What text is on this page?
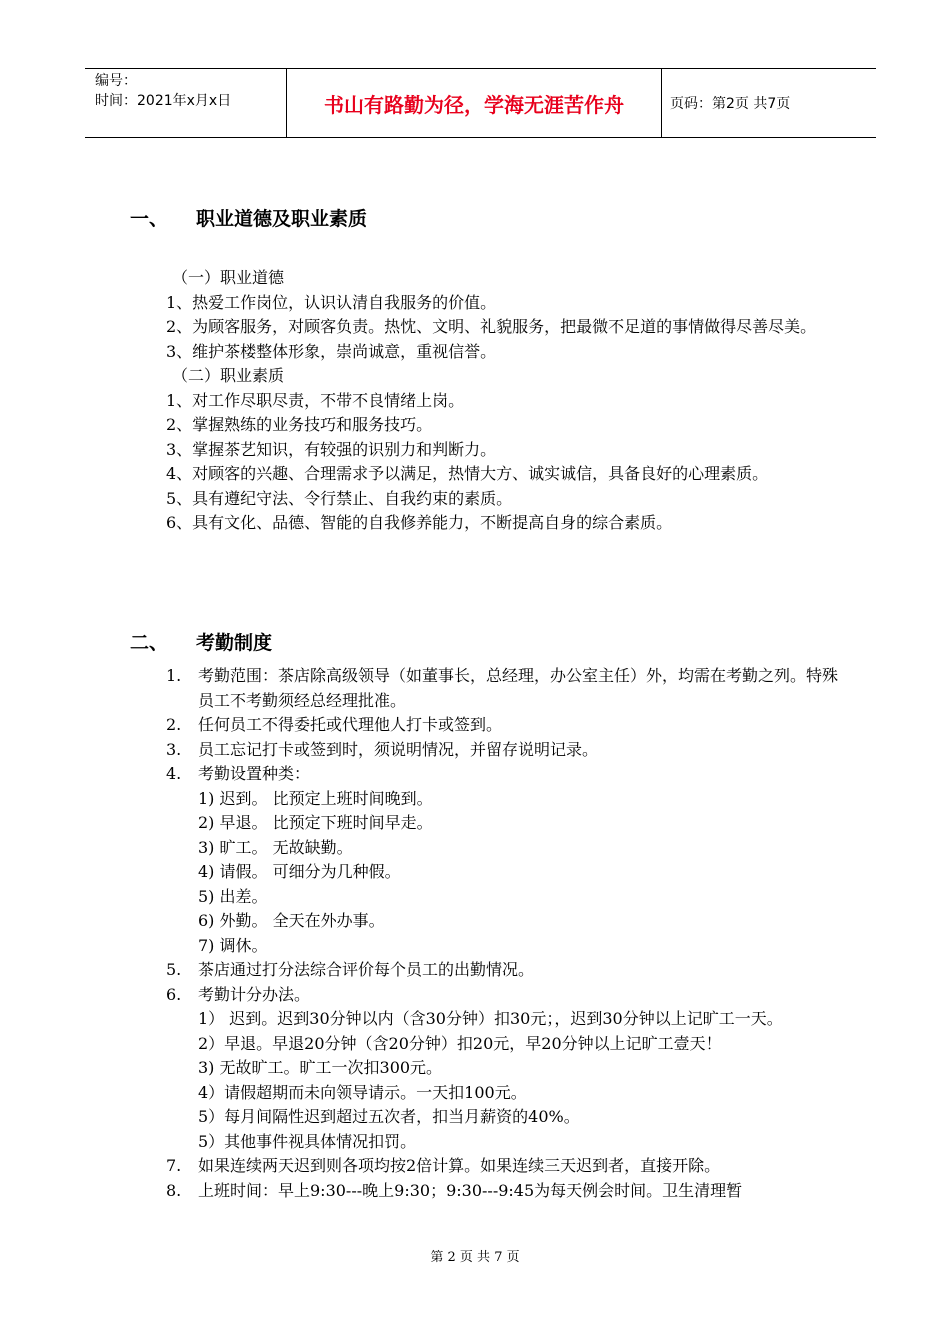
编号：
时间：2021年x月x日	书山有路勤为径，学海无涯苦作舟	页码：第2页 共7页
一、 职业道德及职业素质

（一）职业道德

1、热爱工作岗位，认识认清自我服务的价值。

2、为顾客服务，对顾客负责。热忱、文明、礼貌服务，把最微不足道的事情做得尽善尽美。

3、维护茶楼整体形象，崇尚诚意，重视信誉。

（二）职业素质

1、对工作尽职尽责，不带不良情绪上岗。

2、掌握熟练的业务技巧和服务技巧。

3、掌握茶艺知识，有较强的识别力和判断力。

4、对顾客的兴趣、合理需求予以满足，热情大方、诚实诚信，具备良好的心理素质。

5、具有遵纪守法、令行禁止、自我约束的素质。

6、具有文化、品德、智能的自我修养能力，不断提高自身的综合素质。

二、 考勤制度
1. 考勤范围：茶店除高级领导（如董事长，总经理，办公室主任）外，均需在考勤之列。特殊员工不考勤须经总经理批准。
2. 任何员工不得委托或代理他人打卡或签到。
3. 员工忘记打卡或签到时，须说明情况，并留存说明记录。
4. 考勤设置种类：

1) 迟到。 比预定上班时间晚到。

2) 早退。 比预定下班时间早走。

3) 旷工。 无故缺勤。

4) 请假。 可细分为几种假。

5) 出差。

6) 外勤。 全天在外办事。

7) 调休。

5. 茶店通过打分法综合评价每个员工的出勤情况。
6. 考勤计分办法。

1） 迟到。迟到30分钟以内（含30分钟）扣30元；，迟到30分钟以上记旷工一天。

2）早退。早退20分钟（含20分钟）扣20元，早20分钟以上记旷工壹天！

3) 无故旷工。旷工一次扣300元。

4）请假超期而未向领导请示。一天扣100元。

5）每月间隔性迟到超过五次者，扣当月薪资的40%。

5）其他事件视具体情况扣罚。

7. 如果连续两天迟到则各项均按2倍计算。如果连续三天迟到者，直接开除。
8. 上班时间：早上9:30---晚上9:30；9:30---9:45为每天例会时间。卫生清理暂
第 2 页 共 7 页
